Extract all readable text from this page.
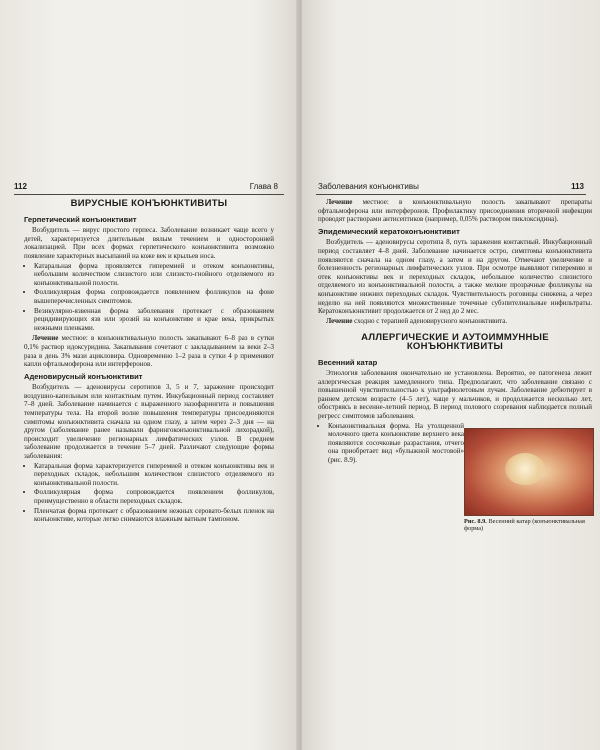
112	Глава 8
ВИРУСНЫЕ КОНЪЮНКТИВИТЫ
Герпетический конъюнктивит

Возбудитель — вирус простого герпеса. Заболевание возникает чаще всего у детей, характеризуется длительным вялым течением и односторонней локализацией. При всех формах герпетического конъюнктивита возможно появление характерных высыпаний на коже век и крыльев носа.

• Катаральная форма проявляется гиперемией и отеком конъюнктивы, небольшим количеством слизистого или слизисто-гнойного отделяемого из конъюнктивальной полости.
• Фолликулярная форма сопровождается появлением фолликулов на фоне вышеперечисленных симптомов.
• Везикулярно-язвенная форма заболевания протекает с образованием рецидивирующих язв или эрозий на конъюнктиве и крае века, прикрытых нежными пленками.

Лечение местное: в конъюнктивальную полость закапывают 6–8 раз в сутки 0,1% раствор идоксуридина. Закапывания сочетают с закладыванием за веки 2–3 раза в день 3% мази ацикловира. Одновременно 1–2 раза в сутки 4 р применяют капли офтальмоферона или интерферонов.

Аденовирусный конъюнктивит

Возбудитель — аденовирусы серотипов 3, 5 и 7, заражение происходит воздушно-капельным или контактным путем. Инкубационный период составляет 7–8 дней. Заболевание начинается с выраженного назофарингита и повышения температуры тела. На второй волне повышения температуры присоединяются симптомы конъюнктивита сначала на одном глазу, а затем через 2–3 дня — на другом (заболевание ранее называли фарингоконъюнктивальной лихорадкой), происходит увеличение регионарных лимфатических узлов. В среднем заболевание продолжается в течение 5–7 дней. Различают следующие формы заболевания:

• Катаральная форма характеризуется гиперемией и отеком конъюнктивы век и переходных складок, небольшим количеством слизистого отделяемого из конъюнктивальной полости.
• Фолликулярная форма сопровождается появлением фолликулов, преимущественно в области переходных складок.
• Пленчатая форма протекает с образованием нежных серовато-белых пленок на конъюнктиве, которые легко снимаются влажным ватным тампоном.
Заболевания конъюнктивы	113

Лечение местное: в конъюнктивальную полость закапывают препараты офтальмоферона или интерферонов. Профилактику присоединения вторичной инфекции проводят растворами антисептиков (например, 0,05% раствором пиклоксидина).

Эпидемический кератоконъюнктивит

Возбудитель — аденовирусы серотипа 8, путь заражения контактный. Инкубационный период составляет 4–8 дней. Заболевание начинается остро, симптомы конъюнктивита появляются сначала на одном глазу, а затем и на другом. Отмечают увеличение и болезненность регионарных лимфатических узлов. При осмотре выявляют гиперемию и отек конъюнктивы век и переходных складок, небольшое количество слизистого отделяемого из конъюнктивальной полости, а также мелкие прозрачные фолликулы на конъюнктиве нижних переходных складок. Чувствительность роговицы снижена, а через неделю на ней появляются множественные точечные субэпителиальные инфильтраты. Кератоконъюнктивит продолжается от 2 нед до 2 мес.

Лечение сходно с терапией аденовирусного конъюнктивита.

АЛЛЕРГИЧЕСКИЕ И АУТОИММУННЫЕ КОНЪЮНКТИВИТЫ
Весенний катар

Этиология заболевания окончательно не установлена. Вероятно, ее патогенеза лежит аллергическая реакция замедленного типа. Предполагают, что заболевание связано с повышенной чувствительностью к ультрафиолетовым лучам. Заболевание дебютирует в раннем детском возрасте (4–5 лет), чаще у мальчиков, и продолжается несколько лет, обостряясь в весенне-летний период. В период полового созревания наблюдается полный регресс симптомов заболевания.

• Конъюнктивальная форма. На утолщенной молочного цвета конъюнктиве верхнего века появляются сосочковые разрастания, отчего она приобретает вид «булыжной мостовой» (рис. 8.9).
Рис. 8.9. Весенний катар (конъюнктивальная форма)
